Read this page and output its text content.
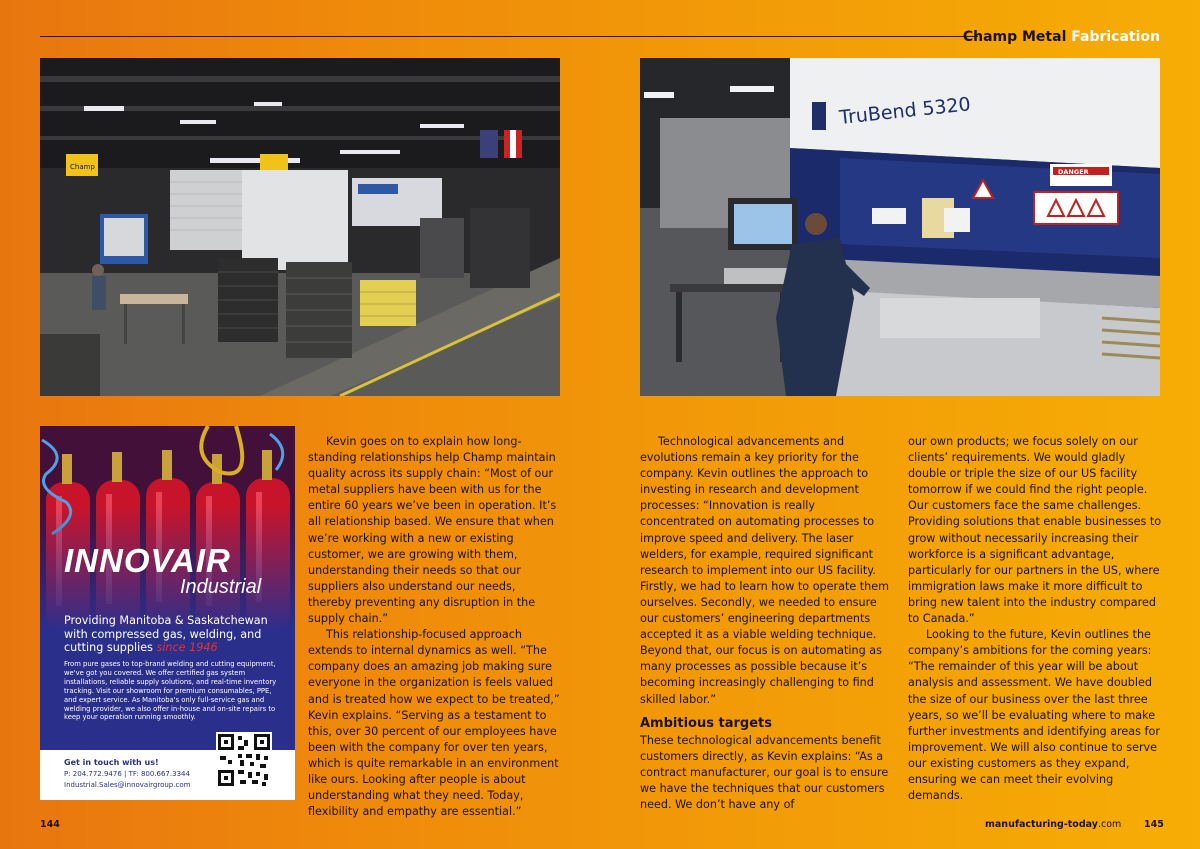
Champ Metal Fabrication
Champ
TruBend 5320
DANGER
INNOVAIR
Industrial
Providing Manitoba & Saskatchewan with compressed gas, welding, and cutting supplies since 1946
From pure gases to top-brand welding and cutting equipment, we've got you covered. We offer certified gas system installations, reliable supply solutions, and real-time inventory tracking. Visit our showroom for premium consumables, PPE, and expert service. As Manitoba's only full-service gas and welding provider, we also offer in-house and on-site repairs to keep your operation running smoothly.
Get in touch with us!
P: 204.772.9476 | TF: 800.667.3344
Industrial.Sales@innovairgroup.com

Kevin goes on to explain how long-standing relationships help Champ maintain quality across its supply chain: “Most of our metal suppliers have been with us for the entire 60 years we’ve been in operation. It’s all relationship based. We ensure that when we’re working with a new or existing customer, we are growing with them, understanding their needs so that our suppliers also understand our needs, thereby preventing any disruption in the supply chain.”

This relationship-focused approach extends to internal dynamics as well. “The company does an amazing job making sure everyone in the organization is feels valued and is treated how we expect to be treated,” Kevin explains. “Serving as a testament to this, over 30 percent of our employees have been with the company for over ten years, which is quite remarkable in an environment like ours. Looking after people is about understanding what they need. Today, flexibility and empathy are essential.”

Technological advancements and evolutions remain a key priority for the company. Kevin outlines the approach to investing in research and development processes: “Innovation is really concentrated on automating processes to improve speed and delivery. The laser welders, for example, required significant research to implement into our US facility. Firstly, we had to learn how to operate them ourselves. Secondly, we needed to ensure our customers’ engineering departments accepted it as a viable welding technique. Beyond that, our focus is on automating as many processes as possible because it’s becoming increasingly challenging to find skilled labor.”

Ambitious targets

These technological advancements benefit customers directly, as Kevin explains: “As a contract manufacturer, our goal is to ensure we have the techniques that our customers need. We don’t have any of

our own products; we focus solely on our clients’ requirements. We would gladly double or triple the size of our US facility tomorrow if we could find the right people. Our customers face the same challenges. Providing solutions that enable businesses to grow without necessarily increasing their workforce is a significant advantage, particularly for our partners in the US, where immigration laws make it more difficult to bring new talent into the industry compared to Canada.”

Looking to the future, Kevin outlines the company’s ambitions for the coming years: “The remainder of this year will be about analysis and assessment. We have doubled the size of our business over the last three years, so we’ll be evaluating where to make further investments and identifying areas for improvement. We will also continue to serve our existing customers as they expand, ensuring we can meet their evolving demands.

144	manufacturing-today.com 145
